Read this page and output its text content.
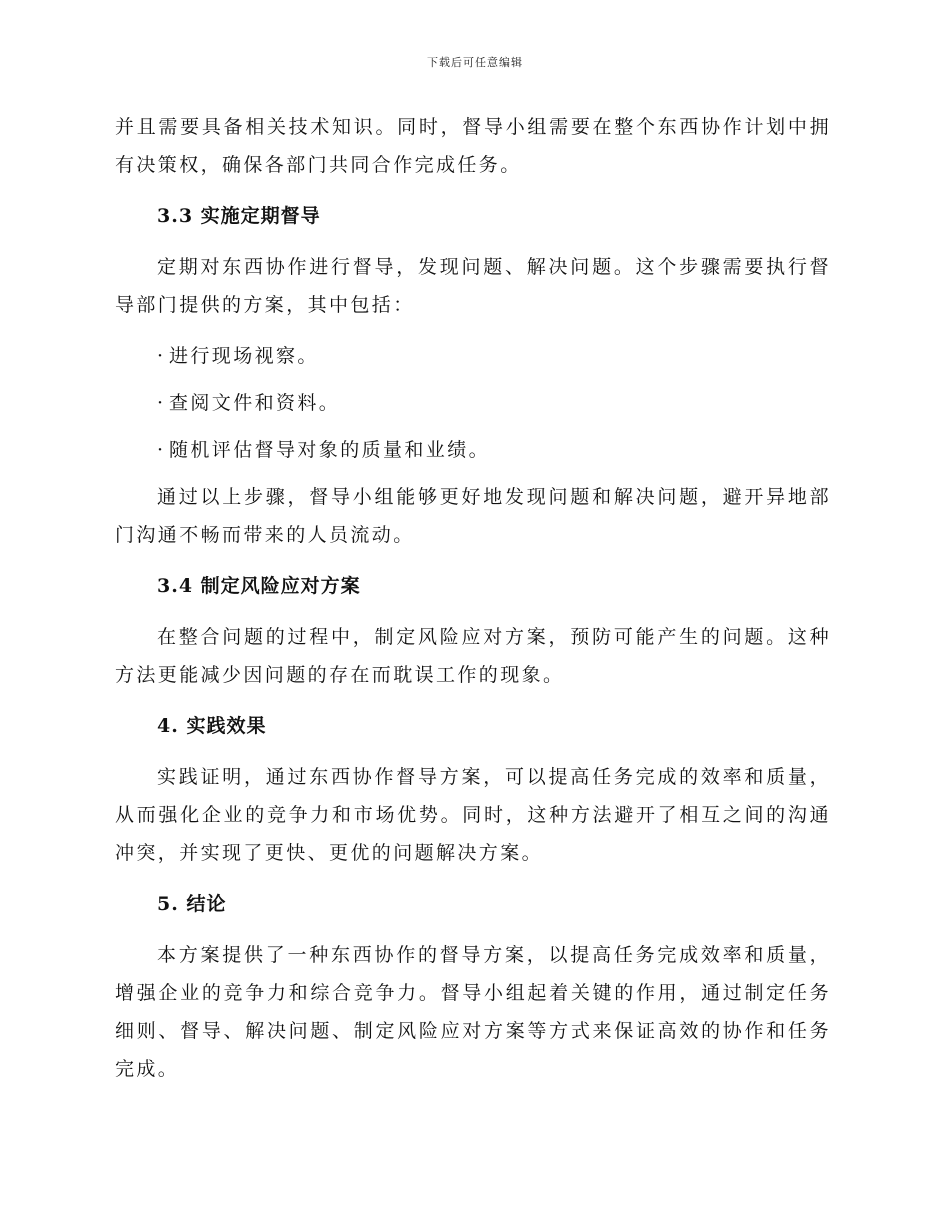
下载后可任意编辑

并且需要具备相关技术知识。同时，督导小组需要在整个东西协作计划中拥有决策权，确保各部门共同合作完成任务。

3.3 实施定期督导

定期对东西协作进行督导，发现问题、解决问题。这个步骤需要执行督导部门提供的方案，其中包括：

· 进行现场视察。
· 查阅文件和资料。
· 随机评估督导对象的质量和业绩。

通过以上步骤，督导小组能够更好地发现问题和解决问题，避开异地部门沟通不畅而带来的人员流动。

3.4 制定风险应对方案

在整合问题的过程中，制定风险应对方案，预防可能产生的问题。这种方法更能减少因问题的存在而耽误工作的现象。

4. 实践效果

实践证明，通过东西协作督导方案，可以提高任务完成的效率和质量，从而强化企业的竞争力和市场优势。同时，这种方法避开了相互之间的沟通冲突，并实现了更快、更优的问题解决方案。

5. 结论

本方案提供了一种东西协作的督导方案，以提高任务完成效率和质量，增强企业的竞争力和综合竞争力。督导小组起着关键的作用，通过制定任务细则、督导、解决问题、制定风险应对方案等方式来保证高效的协作和任务完成。
